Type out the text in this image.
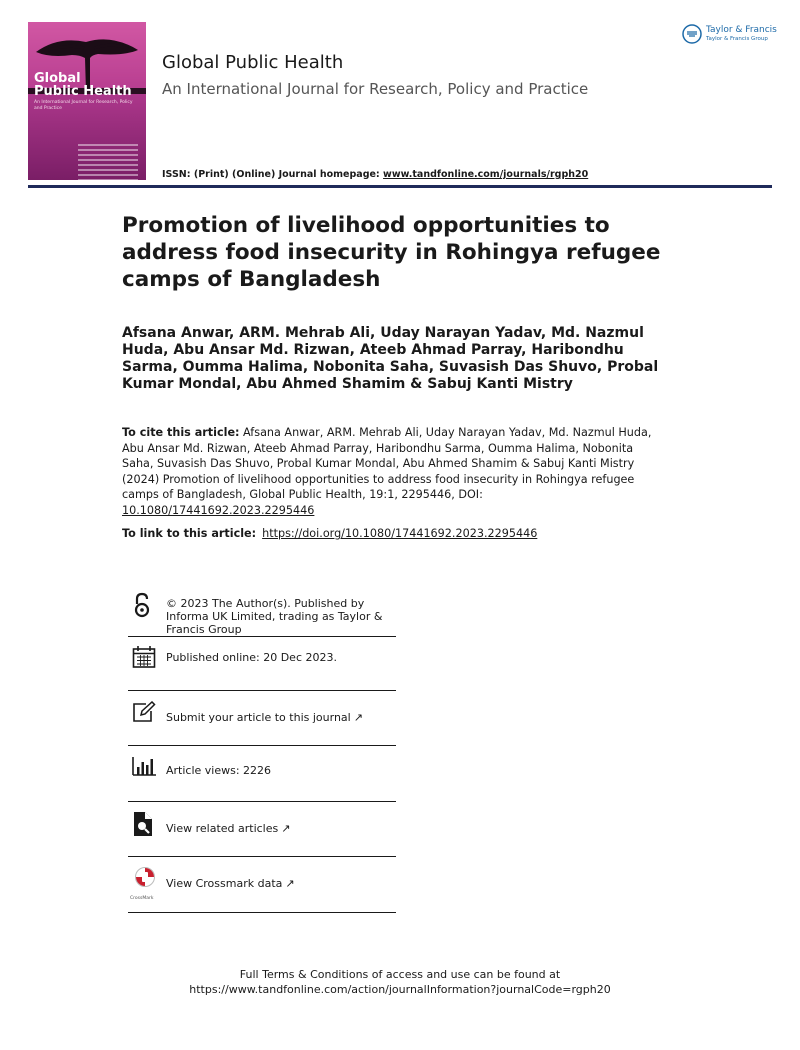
Global
Public Health
An International Journal for Research, Policy and Practice
Global Public Health
An International Journal for Research, Policy and Practice
ISSN: (Print) (Online) Journal homepage: www.tandfonline.com/journals/rgph20
Taylor & Francis
Taylor & Francis Group
Promotion of livelihood opportunities to address food insecurity in Rohingya refugee camps of Bangladesh
Afsana Anwar, ARM. Mehrab Ali, Uday Narayan Yadav, Md. Nazmul Huda, Abu Ansar Md. Rizwan, Ateeb Ahmad Parray, Haribondhu Sarma, Oumma Halima, Nobonita Saha, Suvasish Das Shuvo, Probal Kumar Mondal, Abu Ahmed Shamim & Sabuj Kanti Mistry
To cite this article: Afsana Anwar, ARM. Mehrab Ali, Uday Narayan Yadav, Md. Nazmul Huda, Abu Ansar Md. Rizwan, Ateeb Ahmad Parray, Haribondhu Sarma, Oumma Halima, Nobonita Saha, Suvasish Das Shuvo, Probal Kumar Mondal, Abu Ahmed Shamim & Sabuj Kanti Mistry (2024) Promotion of livelihood opportunities to address food insecurity in Rohingya refugee camps of Bangladesh, Global Public Health, 19:1, 2295446, DOI: 10.1080/17441692.2023.2295446
To link to this article: https://doi.org/10.1080/17441692.2023.2295446
© 2023 The Author(s). Published by Informa UK Limited, trading as Taylor & Francis Group
Published online: 20 Dec 2023.
Submit your article to this journal ↗
Article views: 2226
View related articles ↗
CrossMark
View Crossmark data ↗
Full Terms & Conditions of access and use can be found at
https://www.tandfonline.com/action/journalInformation?journalCode=rgph20
